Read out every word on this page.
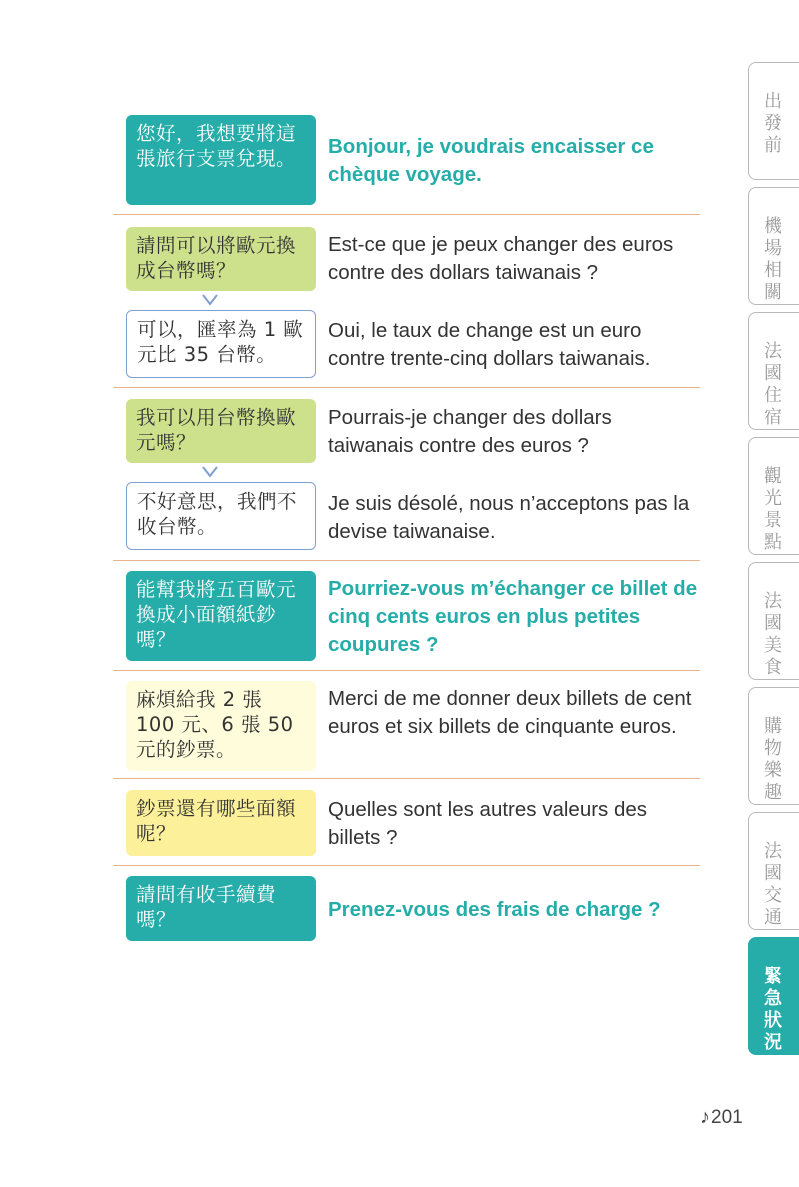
您好，我想要將這張旅行支票兌現。
Bonjour, je voudrais encaisser ce chèque voyage.
請問可以將歐元換成台幣嗎？
Est-ce que je peux changer des euros contre des dollars taiwanais ?
可以，匯率為 1 歐元比 35 台幣。
Oui, le taux de change est un euro contre trente-cinq dollars taiwanais.
我可以用台幣換歐元嗎？
Pourrais-je changer des dollars taiwanais contre des euros ?
不好意思，我們不收台幣。
Je suis désolé, nous n’acceptons pas la devise taiwanaise.
能幫我將五百歐元換成小面額紙鈔嗎？
Pourriez-vous m’échanger ce billet de cinq cents euros en plus petites coupures ?
麻煩給我 2 張 100 元、6 張 50 元的鈔票。
Merci de me donner deux billets de cent euros et six billets de cinquante euros.
鈔票還有哪些面額呢？
Quelles sont les autres valeurs des billets ?
請問有收手續費嗎？	Prenez-vous des frais de charge ?
出發前
機場相關
法國住宿
觀光景點
法國美食
購物樂趣
法國交通
緊急狀況
♪201
